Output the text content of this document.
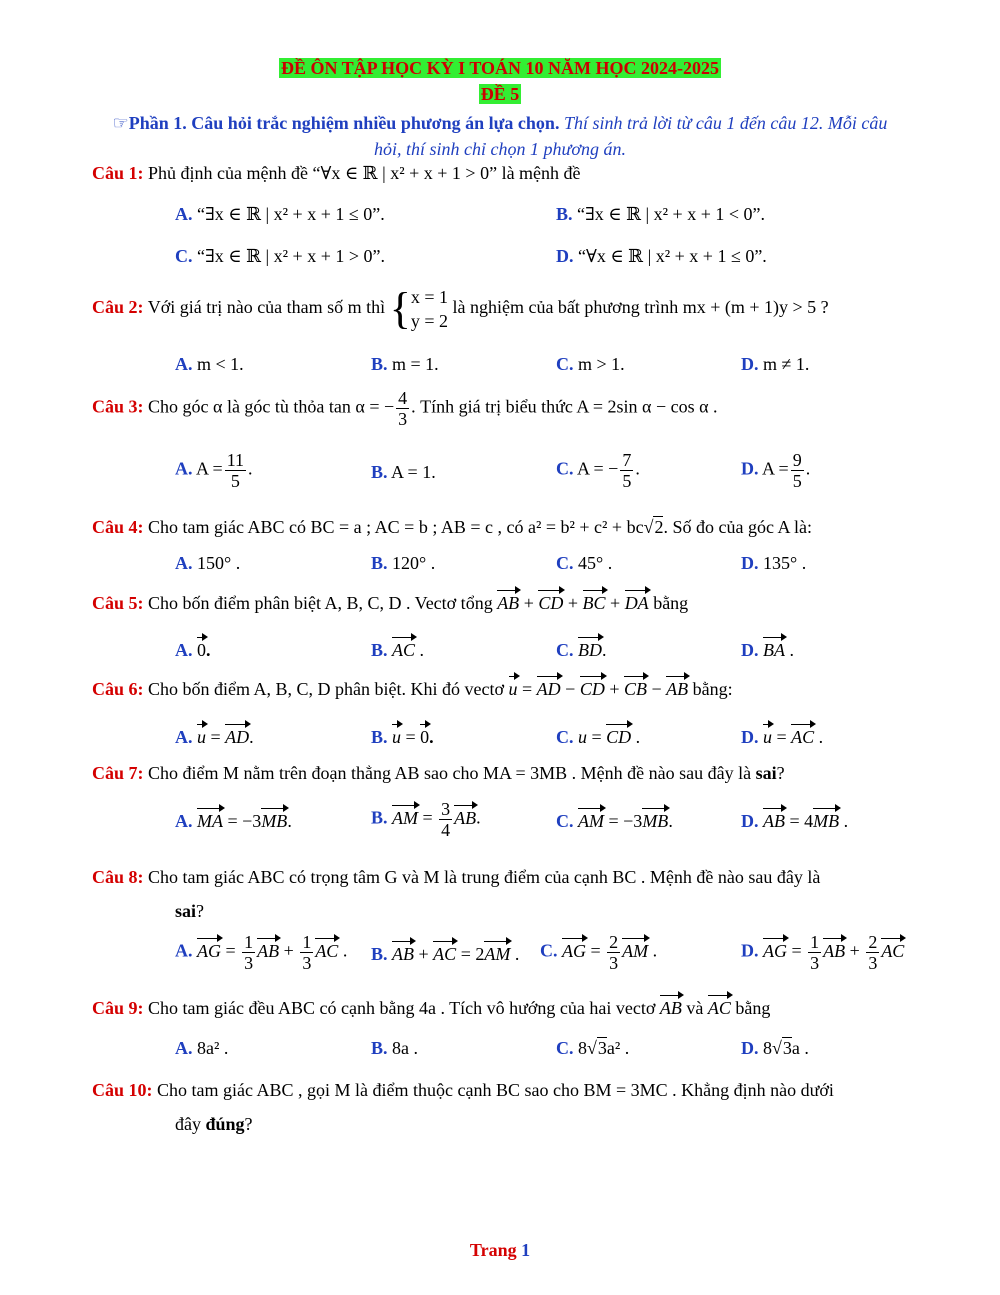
ĐỀ ÔN TẬP HỌC KỲ I TOÁN 10 NĂM HỌC 2024-2025
ĐỀ 5
☞Phần 1. Câu hỏi trắc nghiệm nhiều phương án lựa chọn. Thí sinh trả lời từ câu 1 đến câu 12. Mỗi câu
hỏi, thí sinh chỉ chọn 1 phương án.
Câu 1: Phủ định của mệnh đề “∀x ∈ ℝ | x² + x + 1 > 0” là mệnh đề
A. “∃x ∈ ℝ | x² + x + 1 ≤ 0”.	B. “∃x ∈ ℝ | x² + x + 1 < 0”.
C. “∃x ∈ ℝ | x² + x + 1 > 0”.	D. “∀x ∈ ℝ | x² + x + 1 ≤ 0”.
Câu 2: Với giá trị nào của tham số m thì {x = 1
y = 2 là nghiệm của bất phương trình mx + (m + 1)y > 5 ?
A. m < 1.	B. m = 1.	C. m > 1.	D. m ≠ 1.
Câu 3: Cho góc α là góc tù thỏa tan α = − $\frac{4}{3}$ . Tính giá trị biểu thức A = 2sin α − cos α .
A. $A = \frac{11}{5}$ .	B. A = 1.	C. A = − $\frac{7}{5}$ .	D. $A = \frac{9}{5}$ .
Câu 4: Cho tam giác ABC có BC = a ; AC = b ; AB = c , có a² = b² + c² + bc√2. Số đo của góc A là:
A. 150° .	B. 120° .	C. 45° .	D. 135° .
Câu 5: Cho bốn điểm phân biệt A, B, C, D . Vectơ tổng AB + CD + BC + DA bằng
A. 0.	B. AC .	C. BD.	D. BA .
Câu 6: Cho bốn điểm A, B, C, D phân biệt. Khi đó vectơ u = AD − CD + CB − AB bằng:
A. u = AD.	B. u = 0.	C. u = CD .	D. u = AC .
Câu 7: Cho điểm M nằm trên đoạn thẳng AB sao cho MA = 3MB . Mệnh đề nào sau đây là sai?
A. MA = −3MB.	B. AM = $\frac{3}{4}$ AB.	C. AM = −3MB.	D. AB = 4MB .
Câu 8: Cho tam giác ABC có trọng tâm G và M là trung điểm của cạnh BC . Mệnh đề nào sau đây là
sai?
A. AG = $\frac{1}{3}$ AB + $\frac{1}{3}$ AC . B. AB + AC = 2AM . C. AG = $\frac{2}{3}$ AM .	D. AG = $\frac{1}{3}$ AB + $\frac{2}{3}$ AC
Câu 9: Cho tam giác đều ABC có cạnh bằng 4a . Tích vô hướng của hai vectơ AB và AC bằng
A. 8a² .	B. 8a .	C. 8√3a² .	D. 8√3a .
Câu 10: Cho tam giác ABC , gọi M là điểm thuộc cạnh BC sao cho BM = 3MC . Khẳng định nào dưới
đây đúng?
Trang 1
